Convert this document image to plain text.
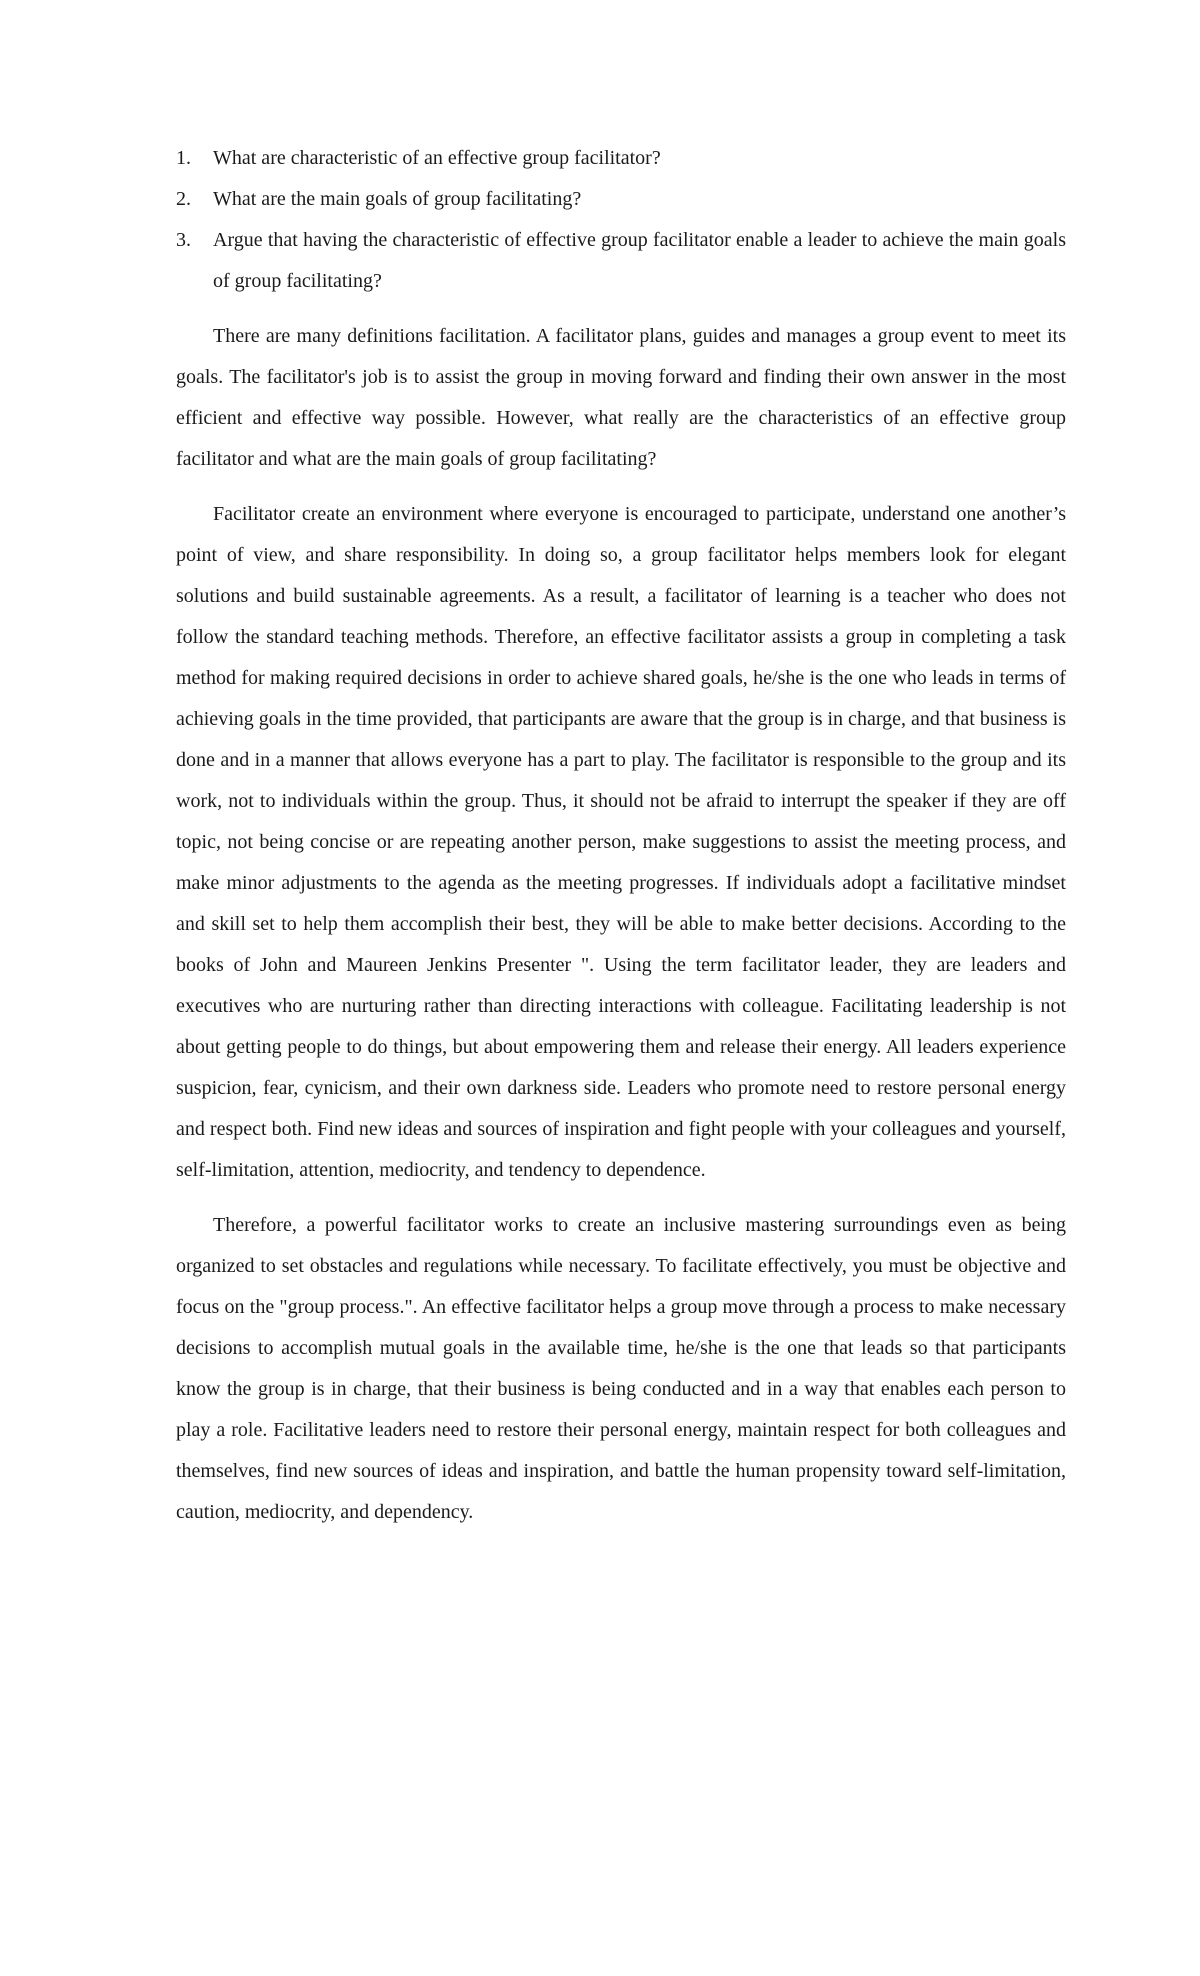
1. What are characteristic of an effective group facilitator?
2. What are the main goals of group facilitating?
3. Argue that having the characteristic of effective group facilitator enable a leader to achieve the main goals of group facilitating?

There are many definitions facilitation. A facilitator plans, guides and manages a group event to meet its goals. The facilitator's job is to assist the group in moving forward and finding their own answer in the most efficient and effective way possible. However, what really are the characteristics of an effective group facilitator and what are the main goals of group facilitating?

Facilitator create an environment where everyone is encouraged to participate, understand one another’s point of view, and share responsibility. In doing so, a group facilitator helps members look for elegant solutions and build sustainable agreements. As a result, a facilitator of learning is a teacher who does not follow the standard teaching methods. Therefore, an effective facilitator assists a group in completing a task method for making required decisions in order to achieve shared goals, he/she is the one who leads in terms of achieving goals in the time provided, that participants are aware that the group is in charge, and that business is done and in a manner that allows everyone has a part to play. The facilitator is responsible to the group and its work, not to individuals within the group. Thus, it should not be afraid to interrupt the speaker if they are off topic, not being concise or are repeating another person, make suggestions to assist the meeting process, and make minor adjustments to the agenda as the meeting progresses. If individuals adopt a facilitative mindset and skill set to help them accomplish their best, they will be able to make better decisions. According to the books of John and Maureen Jenkins Presenter ". Using the term facilitator leader, they are leaders and executives who are nurturing rather than directing interactions with colleague. Facilitating leadership is not about getting people to do things, but about empowering them and release their energy. All leaders experience suspicion, fear, cynicism, and their own darkness side. Leaders who promote need to restore personal energy and respect both. Find new ideas and sources of inspiration and fight people with your colleagues and yourself, self-limitation, attention, mediocrity, and tendency to dependence.

Therefore, a powerful facilitator works to create an inclusive mastering surroundings even as being organized to set obstacles and regulations while necessary. To facilitate effectively, you must be objective and focus on the "group process.". An effective facilitator helps a group move through a process to make necessary decisions to accomplish mutual goals in the available time, he/she is the one that leads so that participants know the group is in charge, that their business is being conducted and in a way that enables each person to play a role. Facilitative leaders need to restore their personal energy, maintain respect for both colleagues and themselves, find new sources of ideas and inspiration, and battle the human propensity toward self-limitation, caution, mediocrity, and dependency.
